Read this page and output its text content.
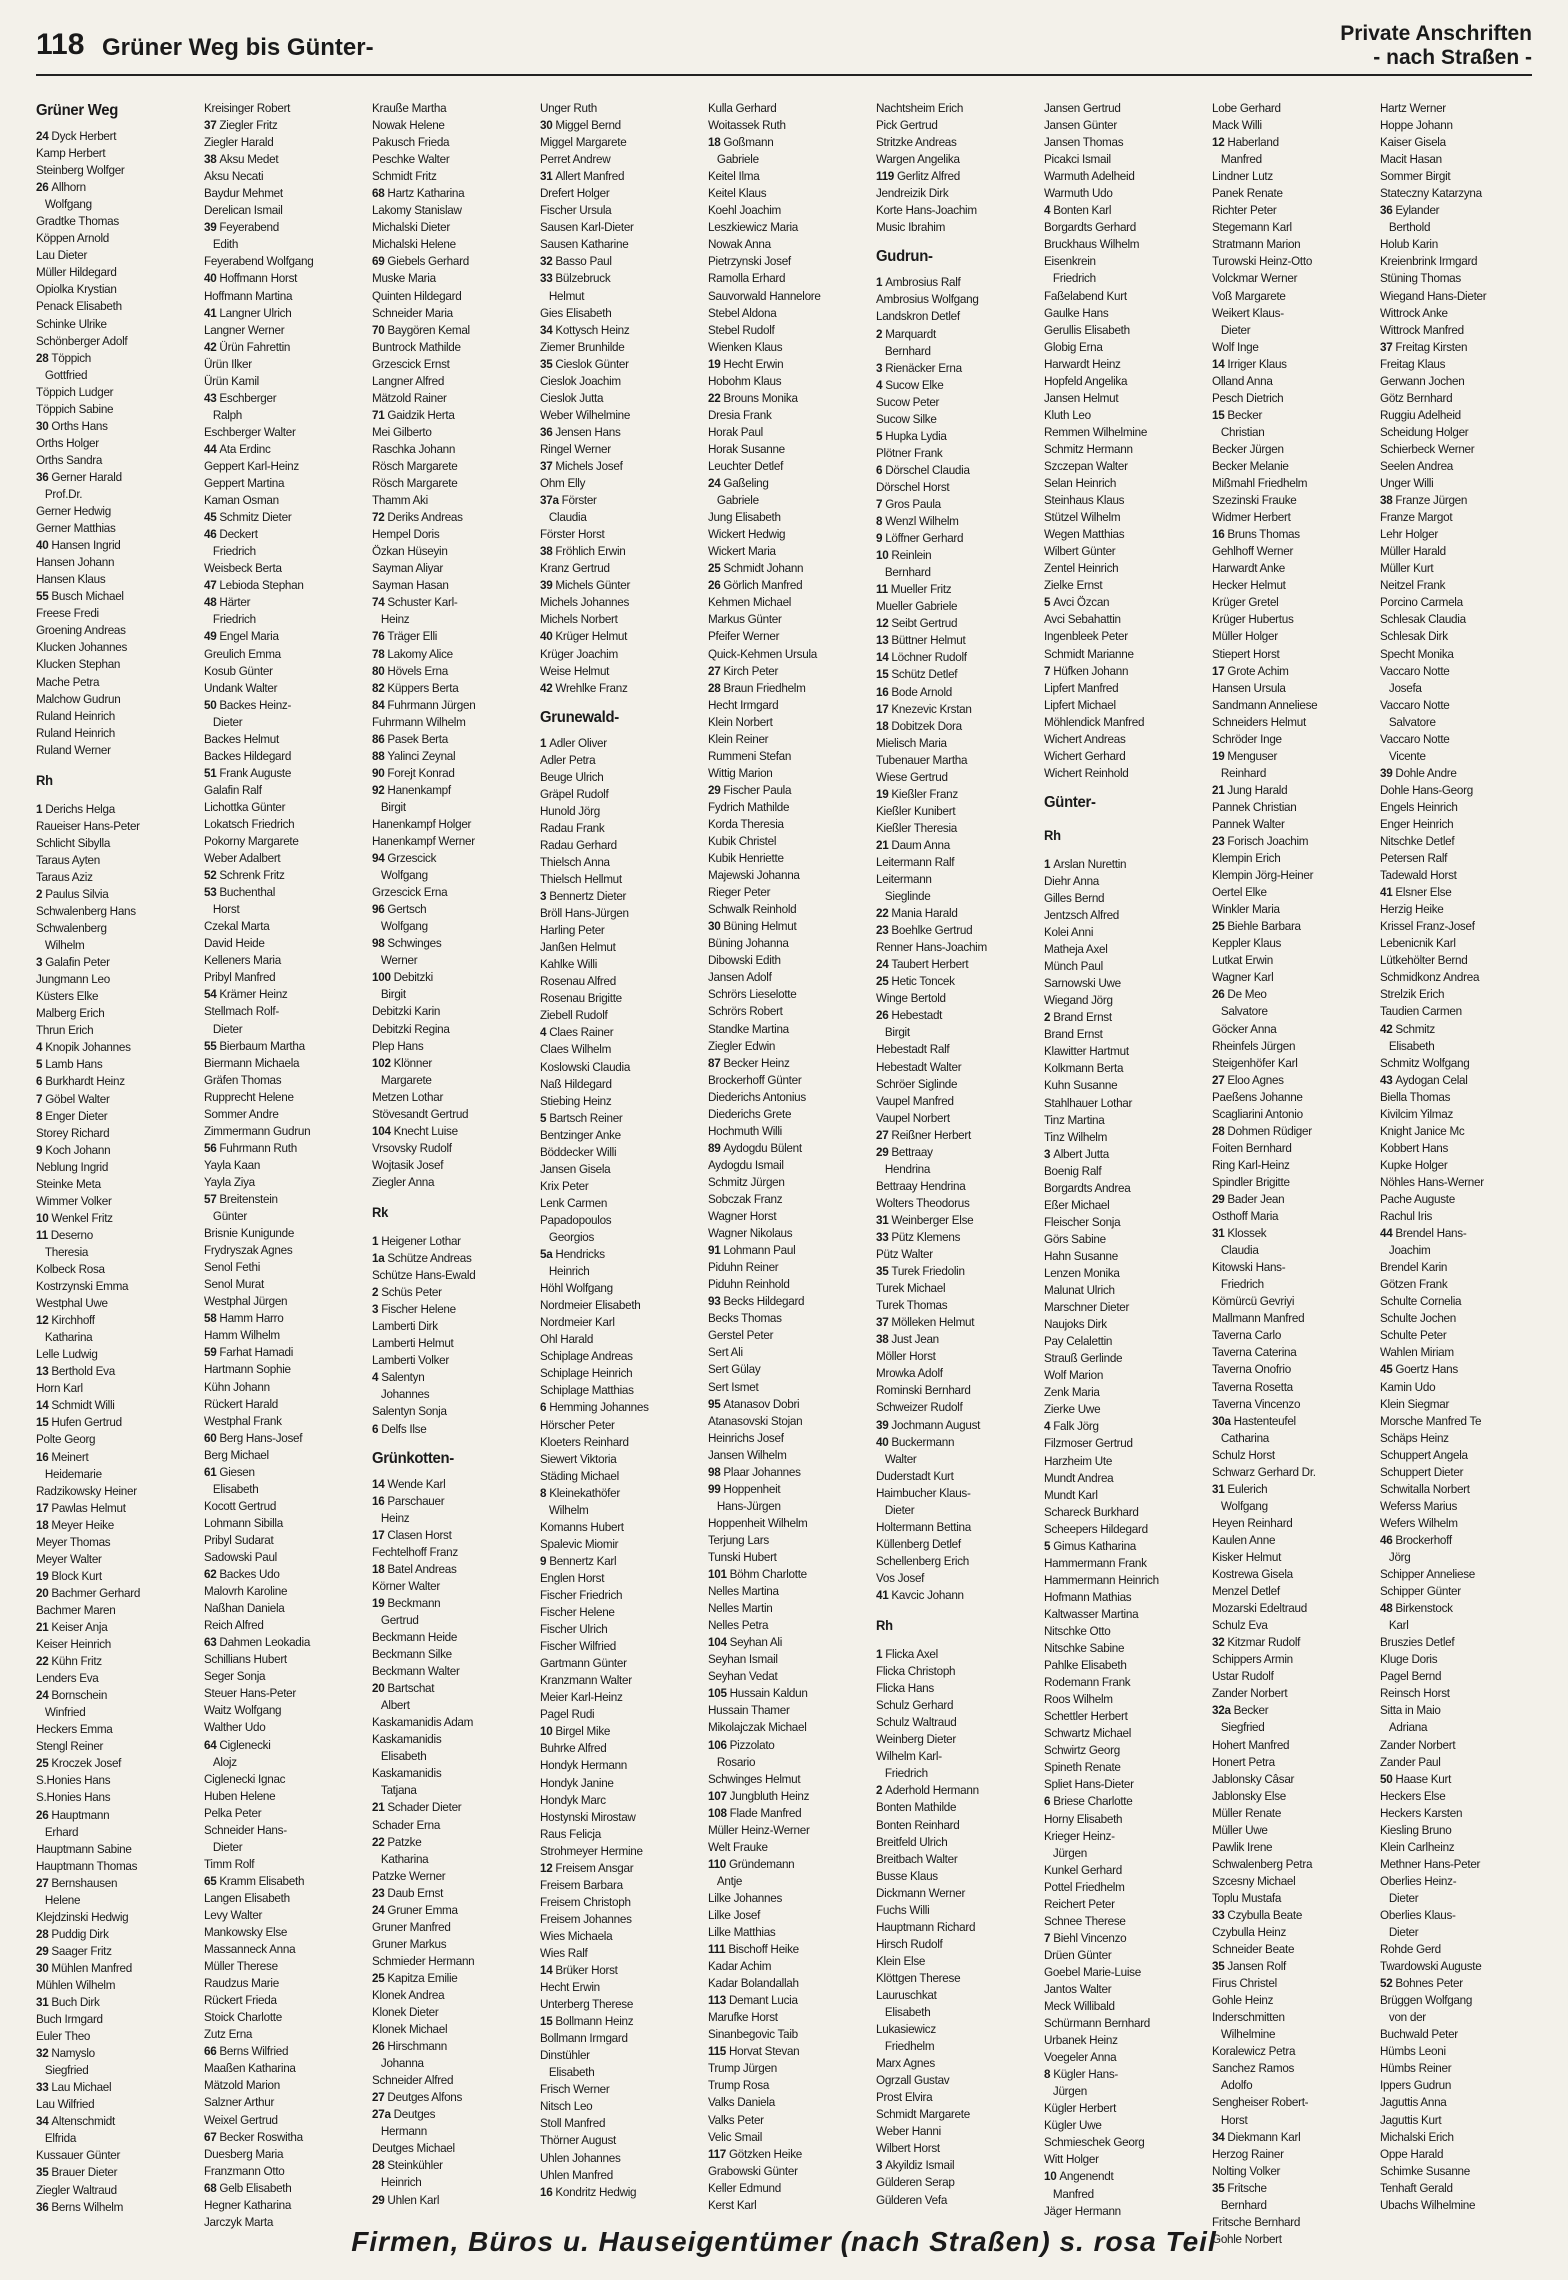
118 Grüner Weg bis Günter-
Private Anschriften
- nach Straßen -
Grüner Weg
24 Dyck Herbert
Kamp Herbert
Steinberg Wolfger
26 Allhorn
Wolfgang
Gradtke Thomas
Köppen Arnold
Lau Dieter
Müller Hildegard
Opiolka Krystian
Penack Elisabeth
Schinke Ulrike
Schönberger Adolf
28 Töppich
Gottfried
Töppich Ludger
Töppich Sabine
30 Orths Hans
Orths Holger
Orths Sandra
36 Gerner Harald
Prof.Dr.
Gerner Hedwig
Gerner Matthias
40 Hansen Ingrid
Hansen Johann
Hansen Klaus
55 Busch Michael
Freese Fredi
Groening Andreas
Klucken Johannes
Klucken Stephan
Mache Petra
Malchow Gudrun
Ruland Heinrich
Ruland Heinrich
Ruland Werner
Rh
1 Derichs Helga
Raueiser Hans-Peter
Schlicht Sibylla
Taraus Ayten
Taraus Aziz
2 Paulus Silvia
Schwalenberg Hans
Schwalenberg
Wilhelm
3 Galafin Peter
Jungmann Leo
Küsters Elke
Malberg Erich
Thrun Erich
4 Knopik Johannes
5 Lamb Hans
6 Burkhardt Heinz
7 Göbel Walter
8 Enger Dieter
Storey Richard
9 Koch Johann
Neblung Ingrid
Steinke Meta
Wimmer Volker
10 Wenkel Fritz
11 Deserno
Theresia
Kolbeck Rosa
Kostrzynski Emma
Westphal Uwe
12 Kirchhoff
Katharina
Lelle Ludwig
13 Berthold Eva
Horn Karl
14 Schmidt Willi
15 Hufen Gertrud
Polte Georg
16 Meinert
Heidemarie
Radzikowsky Heiner
17 Pawlas Helmut
18 Meyer Heike
Meyer Thomas
Meyer Walter
19 Block Kurt
20 Bachmer Gerhard
Bachmer Maren
21 Keiser Anja
Keiser Heinrich
22 Kühn Fritz
Lenders Eva
24 Bornschein
Winfried
Heckers Emma
Stengl Reiner
25 Kroczek Josef
S.Honies Hans
S.Honies Hans
26 Hauptmann
Erhard
Hauptmann Sabine
Hauptmann Thomas
27 Bernshausen
Helene
Klejdzinski Hedwig
28 Puddig Dirk
29 Saager Fritz
30 Mühlen Manfred
Mühlen Wilhelm
31 Buch Dirk
Buch Irmgard
Euler Theo
32 Namyslo
Siegfried
33 Lau Michael
Lau Wilfried
34 Altenschmidt
Elfrida
Kussauer Günter
35 Brauer Dieter
Ziegler Waltraud
36 Berns Wilhelm
Kreisinger Robert
37 Ziegler Fritz
Ziegler Harald
38 Aksu Medet
Aksu Necati
Baydur Mehmet
Derelican Ismail
39 Feyerabend
Edith
Feyerabend Wolfgang
40 Hoffmann Horst
Hoffmann Martina
41 Langner Ulrich
Langner Werner
42 Ürün Fahrettin
Ürün Ilker
Ürün Kamil
43 Eschberger
Ralph
Eschberger Walter
44 Ata Erdinc
Geppert Karl-Heinz
Geppert Martina
Kaman Osman
45 Schmitz Dieter
46 Deckert
Friedrich
Weisbeck Berta
47 Lebioda Stephan
48 Härter
Friedrich
49 Engel Maria
Greulich Emma
Kosub Günter
Undank Walter
50 Backes Heinz-
Dieter
Backes Helmut
Backes Hildegard
51 Frank Auguste
Galafin Ralf
Lichottka Günter
Lokatsch Friedrich
Pokorny Margarete
Weber Adalbert
52 Schrenk Fritz
53 Buchenthal
Horst
Czekal Marta
David Heide
Kelleners Maria
Pribyl Manfred
54 Krämer Heinz
Stellmach Rolf-
Dieter
55 Bierbaum Martha
Biermann Michaela
Gräfen Thomas
Rupprecht Helene
Sommer Andre
Zimmermann Gudrun
56 Fuhrmann Ruth
Yayla Kaan
Yayla Ziya
57 Breitenstein
Günter
Brisnie Kunigunde
Frydryszak Agnes
Senol Fethi
Senol Murat
Westphal Jürgen
58 Hamm Harro
Hamm Wilhelm
59 Farhat Hamadi
Hartmann Sophie
Kühn Johann
Rückert Harald
Westphal Frank
60 Berg Hans-Josef
Berg Michael
61 Giesen
Elisabeth
Kocott Gertrud
Lohmann Sibilla
Pribyl Sudarat
Sadowski Paul
62 Backes Udo
Malovrh Karoline
Naßhan Daniela
Reich Alfred
63 Dahmen Leokadia
Schillians Hubert
Seger Sonja
Steuer Hans-Peter
Waitz Wolfgang
Walther Udo
64 Ciglenecki
Alojz
Ciglenecki Ignac
Huben Helene
Pelka Peter
Schneider Hans-
Dieter
Timm Rolf
65 Kramm Elisabeth
Langen Elisabeth
Levy Walter
Mankowsky Else
Massanneck Anna
Müller Therese
Raudzus Marie
Rückert Frieda
Stoick Charlotte
Zutz Erna
66 Berns Wilfried
Maaßen Katharina
Mätzold Marion
Salzner Arthur
Weixel Gertrud
67 Becker Roswitha
Duesberg Maria
Franzmann Otto
68 Gelb Elisabeth
Hegner Katharina
Jarczyk Marta
Krauße Martha
Nowak Helene
Pakusch Frieda
Peschke Walter
Schmidt Fritz
68 Hartz Katharina
Lakomy Stanislaw
Michalski Dieter
Michalski Helene
69 Giebels Gerhard
Muske Maria
Quinten Hildegard
Schneider Maria
70 Baygören Kemal
Buntrock Mathilde
Grzescick Ernst
Langner Alfred
Mätzold Rainer
71 Gaidzik Herta
Mei Gilberto
Raschka Johann
Rösch Margarete
Rösch Margarete
Thamm Aki
72 Deriks Andreas
Hempel Doris
Özkan Hüseyin
Sayman Aliyar
Sayman Hasan
74 Schuster Karl-
Heinz
76 Träger Elli
78 Lakomy Alice
80 Hövels Erna
82 Küppers Berta
84 Fuhrmann Jürgen
Fuhrmann Wilhelm
86 Pasek Berta
88 Yalinci Zeynal
90 Forejt Konrad
92 Hanenkampf
Birgit
Hanenkampf Holger
Hanenkampf Werner
94 Grzescick
Wolfgang
Grzescick Erna
96 Gertsch
Wolfgang
98 Schwinges
Werner
100 Debitzki
Birgit
Debitzki Karin
Debitzki Regina
Plep Hans
102 Klönner
Margarete
Metzen Lothar
Stövesandt Gertrud
104 Knecht Luise
Vrsovsky Rudolf
Wojtasik Josef
Ziegler Anna
Rk
1 Heigener Lothar
1a Schütze Andreas
Schütze Hans-Ewald
2 Schüs Peter
3 Fischer Helene
Lamberti Dirk
Lamberti Helmut
Lamberti Volker
4 Salentyn
Johannes
Salentyn Sonja
6 Delfs Ilse
Grünkotten-
14 Wende Karl
16 Parschauer
Heinz
17 Clasen Horst
Fechtelhoff Franz
18 Batel Andreas
Körner Walter
19 Beckmann
Gertrud
Beckmann Heide
Beckmann Silke
Beckmann Walter
20 Bartschat
Albert
Kaskamanidis Adam
Kaskamanidis
Elisabeth
Kaskamanidis
Tatjana
21 Schader Dieter
Schader Erna
22 Patzke
Katharina
Patzke Werner
23 Daub Ernst
24 Gruner Emma
Gruner Manfred
Gruner Markus
Schmieder Hermann
25 Kapitza Emilie
Klonek Andrea
Klonek Dieter
Klonek Michael
26 Hirschmann
Johanna
Schneider Alfred
27 Deutges Alfons
27a Deutges
Hermann
Deutges Michael
28 Steinkühler
Heinrich
29 Uhlen Karl
Unger Ruth
30 Miggel Bernd
Miggel Margarete
Perret Andrew
31 Allert Manfred
Drefert Holger
Fischer Ursula
Sausen Karl-Dieter
Sausen Katharine
32 Basso Paul
33 Bülzebruck
Helmut
Gies Elisabeth
34 Kottysch Heinz
Ziemer Brunhilde
35 Cieslok Günter
Cieslok Joachim
Cieslok Jutta
Weber Wilhelmine
36 Jensen Hans
Ringel Werner
37 Michels Josef
Ohm Elly
37a Förster
Claudia
Förster Horst
38 Fröhlich Erwin
Kranz Gertrud
39 Michels Günter
Michels Johannes
Michels Norbert
40 Krüger Helmut
Krüger Joachim
Weise Helmut
42 Wrehlke Franz
Grunewald-
1 Adler Oliver
Adler Petra
Beuge Ulrich
Gräpel Rudolf
Hunold Jörg
Radau Frank
Radau Gerhard
Thielsch Anna
Thielsch Hellmut
3 Bennertz Dieter
Bröll Hans-Jürgen
Harling Peter
Janßen Helmut
Kahlke Willi
Rosenau Alfred
Rosenau Brigitte
Ziebell Rudolf
4 Claes Rainer
Claes Wilhelm
Koslowski Claudia
Naß Hildegard
Stiebing Heinz
5 Bartsch Reiner
Bentzinger Anke
Böddecker Willi
Jansen Gisela
Krix Peter
Lenk Carmen
Papadopoulos
Georgios
5a Hendricks
Heinrich
Höhl Wolfgang
Nordmeier Elisabeth
Nordmeier Karl
Ohl Harald
Schiplage Andreas
Schiplage Heinrich
Schiplage Matthias
6 Hemming Johannes
Hörscher Peter
Kloeters Reinhard
Siewert Viktoria
Städing Michael
8 Kleinekathöfer
Wilhelm
Komanns Hubert
Spalevic Miomir
9 Bennertz Karl
Englen Horst
Fischer Friedrich
Fischer Helene
Fischer Ulrich
Fischer Wilfried
Gartmann Günter
Kranzmann Walter
Meier Karl-Heinz
Pagel Rudi
10 Birgel Mike
Buhrke Alfred
Hondyk Hermann
Hondyk Janine
Hondyk Marc
Hostynski Mirostaw
Raus Felicja
Strohmeyer Hermine
12 Freisem Ansgar
Freisem Barbara
Freisem Christoph
Freisem Johannes
Wies Michaela
Wies Ralf
14 Brüker Horst
Hecht Erwin
Unterberg Therese
15 Bollmann Heinz
Bollmann Irmgard
Dinstühler
Elisabeth
Frisch Werner
Nitsch Leo
Stoll Manfred
Thörner August
Uhlen Johannes
Uhlen Manfred
16 Kondritz Hedwig
Kulla Gerhard
Woitassek Ruth
18 Goßmann
Gabriele
Keitel Ilma
Keitel Klaus
Koehl Joachim
Leszkiewicz Maria
Nowak Anna
Pietrzynski Josef
Ramolla Erhard
Sauvorwald Hannelore
Stebel Aldona
Stebel Rudolf
Wienken Klaus
19 Hecht Erwin
Hobohm Klaus
22 Brouns Monika
Dresia Frank
Horak Paul
Horak Susanne
Leuchter Detlef
24 Gaßeling
Gabriele
Jung Elisabeth
Wickert Hedwig
Wickert Maria
25 Schmidt Johann
26 Görlich Manfred
Kehmen Michael
Markus Günter
Pfeifer Werner
Quick-Kehmen Ursula
27 Kirch Peter
28 Braun Friedhelm
Hecht Irmgard
Klein Norbert
Klein Reiner
Rummeni Stefan
Wittig Marion
29 Fischer Paula
Fydrich Mathilde
Korda Theresia
Kubik Christel
Kubik Henriette
Majewski Johanna
Rieger Peter
Schwalk Reinhold
30 Büning Helmut
Büning Johanna
Dibowski Edith
Jansen Adolf
Schrörs Lieselotte
Schrörs Robert
Standke Martina
Ziegler Edwin
87 Becker Heinz
Brockerhoff Günter
Diederichs Antonius
Diederichs Grete
Hochmuth Willi
89 Aydogdu Bülent
Aydogdu Ismail
Schmitz Jürgen
Sobczak Franz
Wagner Horst
Wagner Nikolaus
91 Lohmann Paul
Piduhn Reiner
Piduhn Reinhold
93 Becks Hildegard
Becks Thomas
Gerstel Peter
Sert Ali
Sert Gülay
Sert Ismet
95 Atanasov Dobri
Atanasovski Stojan
Heinrichs Josef
Jansen Wilhelm
98 Plaar Johannes
99 Hoppenheit
Hans-Jürgen
Hoppenheit Wilhelm
Terjung Lars
Tunski Hubert
101 Böhm Charlotte
Nelles Martina
Nelles Martin
Nelles Petra
104 Seyhan Ali
Seyhan Ismail
Seyhan Vedat
105 Hussain Kaldun
Hussain Thamer
Mikolajczak Michael
106 Pizzolato
Rosario
Schwinges Helmut
107 Jungbluth Heinz
108 Flade Manfred
Müller Heinz-Werner
Welt Frauke
110 Gründemann
Antje
Lilke Johannes
Lilke Josef
Lilke Matthias
111 Bischoff Heike
Kadar Achim
Kadar Bolandallah
113 Demant Lucia
Marufke Horst
Sinanbegovic Taib
115 Horvat Stevan
Trump Jürgen
Trump Rosa
Valks Daniela
Valks Peter
Velic Smail
117 Götzken Heike
Grabowski Günter
Keller Edmund
Kerst Karl
Nachtsheim Erich
Pick Gertrud
Stritzke Andreas
Wargen Angelika
119 Gerlitz Alfred
Jendreizik Dirk
Korte Hans-Joachim
Music Ibrahim
Gudrun-
1 Ambrosius Ralf
Ambrosius Wolfgang
Landskron Detlef
2 Marquardt
Bernhard
3 Rienäcker Erna
4 Sucow Elke
Sucow Peter
Sucow Silke
5 Hupka Lydia
Plötner Frank
6 Dörschel Claudia
Dörschel Horst
7 Gros Paula
8 Wenzl Wilhelm
9 Löffner Gerhard
10 Reinlein
Bernhard
11 Mueller Fritz
Mueller Gabriele
12 Seibt Gertrud
13 Büttner Helmut
14 Löchner Rudolf
15 Schütz Detlef
16 Bode Arnold
17 Knezevic Krstan
18 Dobitzek Dora
Mielisch Maria
Tubenauer Martha
Wiese Gertrud
19 Kießler Franz
Kießler Kunibert
Kießler Theresia
21 Daum Anna
Leitermann Ralf
Leitermann
Sieglinde
22 Mania Harald
23 Boehlke Gertrud
Renner Hans-Joachim
24 Taubert Herbert
25 Hetic Toncek
Winge Bertold
26 Hebestadt
Birgit
Hebestadt Ralf
Hebestadt Walter
Schröer Siglinde
Vaupel Manfred
Vaupel Norbert
27 Reißner Herbert
29 Bettraay
Hendrina
Bettraay Hendrina
Wolters Theodorus
31 Weinberger Else
33 Pütz Klemens
Pütz Walter
35 Turek Friedolin
Turek Michael
Turek Thomas
37 Mölleken Helmut
38 Just Jean
Möller Horst
Mrowka Adolf
Rominski Bernhard
Schweizer Rudolf
39 Jochmann August
40 Buckermann
Walter
Duderstadt Kurt
Haimbucher Klaus-
Dieter
Holtermann Bettina
Küllenberg Detlef
Schellenberg Erich
Vos Josef
41 Kavcic Johann
Rh
1 Flicka Axel
Flicka Christoph
Flicka Hans
Schulz Gerhard
Schulz Waltraud
Weinberg Dieter
Wilhelm Karl-
Friedrich
2 Aderhold Hermann
Bonten Mathilde
Bonten Reinhard
Breitfeld Ulrich
Breitbach Walter
Busse Klaus
Dickmann Werner
Fuchs Willi
Hauptmann Richard
Hirsch Rudolf
Klein Else
Klöttgen Therese
Lauruschkat
Elisabeth
Lukasiewicz
Friedhelm
Marx Agnes
Ogrzall Gustav
Prost Elvira
Schmidt Margarete
Weber Hanni
Wilbert Horst
3 Akyildiz Ismail
Gülderen Serap
Gülderen Vefa
Jansen Gertrud
Jansen Günter
Jansen Thomas
Picakci Ismail
Warmuth Adelheid
Warmuth Udo
4 Bonten Karl
Borgardts Gerhard
Bruckhaus Wilhelm
Eisenkrein
Friedrich
Faßelabend Kurt
Gaulke Hans
Gerullis Elisabeth
Globig Erna
Harwardt Heinz
Hopfeld Angelika
Jansen Helmut
Kluth Leo
Remmen Wilhelmine
Schmitz Hermann
Szczepan Walter
Selan Heinrich
Steinhaus Klaus
Stützel Wilhelm
Wegen Matthias
Wilbert Günter
Zentel Heinrich
Zielke Ernst
5 Avci Özcan
Avci Sebahattin
Ingenbleek Peter
Schmidt Marianne
7 Hüfken Johann
Lipfert Manfred
Lipfert Michael
Möhlendick Manfred
Wichert Andreas
Wichert Gerhard
Wichert Reinhold
Günter-
Rh
1 Arslan Nurettin
Diehr Anna
Gilles Bernd
Jentzsch Alfred
Kolei Anni
Matheja Axel
Münch Paul
Sarnowski Uwe
Wiegand Jörg
2 Brand Ernst
Brand Ernst
Klawitter Hartmut
Kolkmann Berta
Kuhn Susanne
Stahlhauer Lothar
Tinz Martina
Tinz Wilhelm
3 Albert Jutta
Boenig Ralf
Borgardts Andrea
Eßer Michael
Fleischer Sonja
Görs Sabine
Hahn Susanne
Lenzen Monika
Malunat Ulrich
Marschner Dieter
Naujoks Dirk
Pay Celalettin
Strauß Gerlinde
Wolf Marion
Zenk Maria
Zierke Uwe
4 Falk Jörg
Filzmoser Gertrud
Harzheim Ute
Mundt Andrea
Mundt Karl
Schareck Burkhard
Scheepers Hildegard
5 Gimus Katharina
Hammermann Frank
Hammermann Heinrich
Hofmann Mathias
Kaltwasser Martina
Nitschke Otto
Nitschke Sabine
Pahlke Elisabeth
Rodemann Frank
Roos Wilhelm
Schettler Herbert
Schwartz Michael
Schwirtz Georg
Spineth Renate
Spliet Hans-Dieter
6 Briese Charlotte
Horny Elisabeth
Krieger Heinz-
Jürgen
Kunkel Gerhard
Pottel Friedhelm
Reichert Peter
Schnee Therese
7 Biehl Vincenzo
Drüen Günter
Goebel Marie-Luise
Jantos Walter
Meck Willibald
Schürmann Bernhard
Urbanek Heinz
Voegeler Anna
8 Kügler Hans-
Jürgen
Kügler Herbert
Kügler Uwe
Schmieschek Georg
Witt Holger
10 Angenendt
Manfred
Jäger Hermann
Lobe Gerhard
Mack Willi
12 Haberland
Manfred
Lindner Lutz
Panek Renate
Richter Peter
Stegemann Karl
Stratmann Marion
Turowski Heinz-Otto
Volckmar Werner
Voß Margarete
Weikert Klaus-
Dieter
Wolf Inge
14 Irriger Klaus
Olland Anna
Pesch Dietrich
15 Becker
Christian
Becker Jürgen
Becker Melanie
Mißmahl Friedhelm
Szezinski Frauke
Widmer Herbert
16 Bruns Thomas
Gehlhoff Werner
Harwardt Anke
Hecker Helmut
Krüger Gretel
Krüger Hubertus
Müller Holger
Stiepert Horst
17 Grote Achim
Hansen Ursula
Sandmann Anneliese
Schneiders Helmut
Schröder Inge
19 Menguser
Reinhard
21 Jung Harald
Pannek Christian
Pannek Walter
23 Forisch Joachim
Klempin Erich
Klempin Jörg-Heiner
Oertel Elke
Winkler Maria
25 Biehle Barbara
Keppler Klaus
Lutkat Erwin
Wagner Karl
26 De Meo
Salvatore
Göcker Anna
Rheinfels Jürgen
Steigenhöfer Karl
27 Eloo Agnes
Paeßens Johanne
Scagliarini Antonio
28 Dohmen Rüdiger
Foiten Bernhard
Ring Karl-Heinz
Spindler Brigitte
29 Bader Jean
Osthoff Maria
31 Klossek
Claudia
Kitowski Hans-
Friedrich
Kömürcü Gevriyi
Mallmann Manfred
Taverna Carlo
Taverna Caterina
Taverna Onofrio
Taverna Rosetta
Taverna Vincenzo
30a Hastenteufel
Catharina
Schulz Horst
Schwarz Gerhard Dr.
31 Eulerich
Wolfgang
Heyen Reinhard
Kaulen Anne
Kisker Helmut
Kostrewa Gisela
Menzel Detlef
Mozarski Edeltraud
Schulz Eva
32 Kitzmar Rudolf
Schippers Armin
Ustar Rudolf
Zander Norbert
32a Becker
Siegfried
Hohert Manfred
Honert Petra
Jablonsky Câsar
Jablonsky Else
Müller Renate
Müller Uwe
Pawlik Irene
Schwalenberg Petra
Szcesny Michael
Toplu Mustafa
33 Czybulla Beate
Czybulla Heinz
Schneider Beate
35 Jansen Rolf
Firus Christel
Gohle Heinz
Inderschmitten
Wilhelmine
Koralewicz Petra
Sanchez Ramos
Adolfo
Sengheiser Robert-
Horst
34 Diekmann Karl
Herzog Rainer
Nolting Volker
35 Fritsche
Bernhard
Fritsche Bernhard
Gohle Norbert
Hartz Werner
Hoppe Johann
Kaiser Gisela
Macit Hasan
Sommer Birgit
Stateczny Katarzyna
36 Eylander
Berthold
Holub Karin
Kreienbrink Irmgard
Stüning Thomas
Wiegand Hans-Dieter
Wittrock Anke
Wittrock Manfred
37 Freitag Kirsten
Freitag Klaus
Gerwann Jochen
Götz Bernhard
Ruggiu Adelheid
Scheidung Holger
Schierbeck Werner
Seelen Andrea
Unger Willi
38 Franze Jürgen
Franze Margot
Lehr Holger
Müller Harald
Müller Kurt
Neitzel Frank
Porcino Carmela
Schlesak Claudia
Schlesak Dirk
Specht Monika
Vaccaro Notte
Josefa
Vaccaro Notte
Salvatore
Vaccaro Notte
Vicente
39 Dohle Andre
Dohle Hans-Georg
Engels Heinrich
Enger Heinrich
Nitschke Detlef
Petersen Ralf
Tadewald Horst
41 Elsner Else
Herzig Heike
Krissel Franz-Josef
Lebenicnik Karl
Lütkehölter Bernd
Schmidkonz Andrea
Strelzik Erich
Taudien Carmen
42 Schmitz
Elisabeth
Schmitz Wolfgang
43 Aydogan Celal
Biella Thomas
Kivilcim Yilmaz
Knight Janice Mc
Kobbert Hans
Kupke Holger
Nöhles Hans-Werner
Pache Auguste
Rachul Iris
44 Brendel Hans-
Joachim
Brendel Karin
Götzen Frank
Schulte Cornelia
Schulte Jochen
Schulte Peter
Wahlen Miriam
45 Goertz Hans
Kamin Udo
Klein Siegmar
Morsche Manfred Te
Schäps Heinz
Schuppert Angela
Schuppert Dieter
Schwitalla Norbert
Weferss Marius
Wefers Wilhelm
46 Brockerhoff
Jörg
Schipper Anneliese
Schipper Günter
48 Birkenstock
Karl
Bruszies Detlef
Kluge Doris
Pagel Bernd
Reinsch Horst
Sitta in Maio
Adriana
Zander Norbert
Zander Paul
50 Haase Kurt
Heckers Else
Heckers Karsten
Kiesling Bruno
Klein Carlheinz
Methner Hans-Peter
Oberlies Heinz-
Dieter
Oberlies Klaus-
Dieter
Rohde Gerd
Twardowski Auguste
52 Bohnes Peter
Brüggen Wolfgang
von der
Buchwald Peter
Hümbs Leoni
Hümbs Reiner
Ippers Gudrun
Jaguttis Anna
Jaguttis Kurt
Michalski Erich
Oppe Harald
Schimke Susanne
Tenhaft Gerald
Ubachs Wilhelmine
Firmen, Büros u. Hauseigentümer (nach Straßen) s. rosa Teil
